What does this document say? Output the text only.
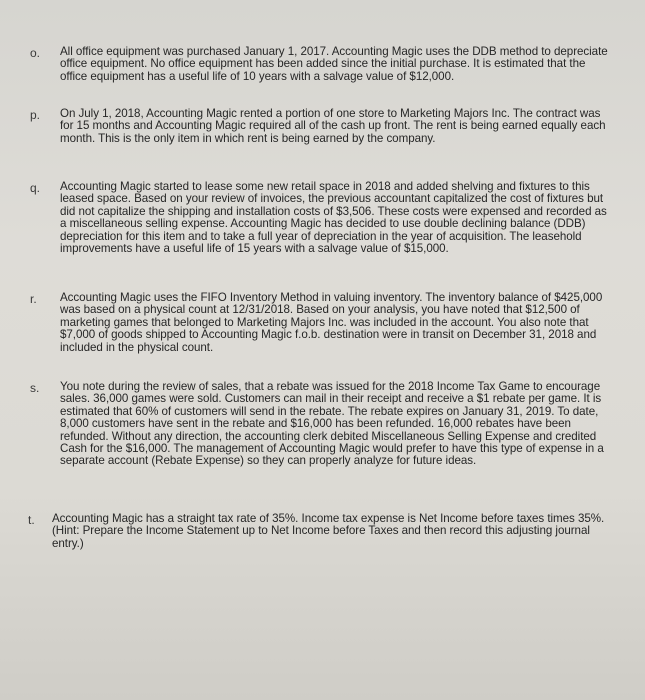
o. All office equipment was purchased January 1, 2017. Accounting Magic uses the DDB method to depreciate office equipment. No office equipment has been added since the initial purchase. It is estimated that the office equipment has a useful life of 10 years with a salvage value of $12,000.
p. On July 1, 2018, Accounting Magic rented a portion of one store to Marketing Majors Inc. The contract was for 15 months and Accounting Magic required all of the cash up front. The rent is being earned equally each month. This is the only item in which rent is being earned by the company.
q. Accounting Magic started to lease some new retail space in 2018 and added shelving and fixtures to this leased space. Based on your review of invoices, the previous accountant capitalized the cost of fixtures but did not capitalize the shipping and installation costs of $3,506. These costs were expensed and recorded as a miscellaneous selling expense. Accounting Magic has decided to use double declining balance (DDB) depreciation for this item and to take a full year of depreciation in the year of acquisition. The leasehold improvements have a useful life of 15 years with a salvage value of $15,000.
r. Accounting Magic uses the FIFO Inventory Method in valuing inventory. The inventory balance of $425,000 was based on a physical count at 12/31/2018. Based on your analysis, you have noted that $12,500 of marketing games that belonged to Marketing Majors Inc. was included in the account. You also note that $7,000 of goods shipped to Accounting Magic f.o.b. destination were in transit on December 31, 2018 and included in the physical count.
s. You note during the review of sales, that a rebate was issued for the 2018 Income Tax Game to encourage sales. 36,000 games were sold. Customers can mail in their receipt and receive a $1 rebate per game. It is estimated that 60% of customers will send in the rebate. The rebate expires on January 31, 2019. To date, 8,000 customers have sent in the rebate and $16,000 has been refunded. 16,000 rebates have been refunded. Without any direction, the accounting clerk debited Miscellaneous Selling Expense and credited Cash for the $16,000. The management of Accounting Magic would prefer to have this type of expense in a separate account (Rebate Expense) so they can properly analyze for future ideas.
t. Accounting Magic has a straight tax rate of 35%. Income tax expense is Net Income before taxes times 35%. (Hint: Prepare the Income Statement up to Net Income before Taxes and then record this adjusting journal entry.)
